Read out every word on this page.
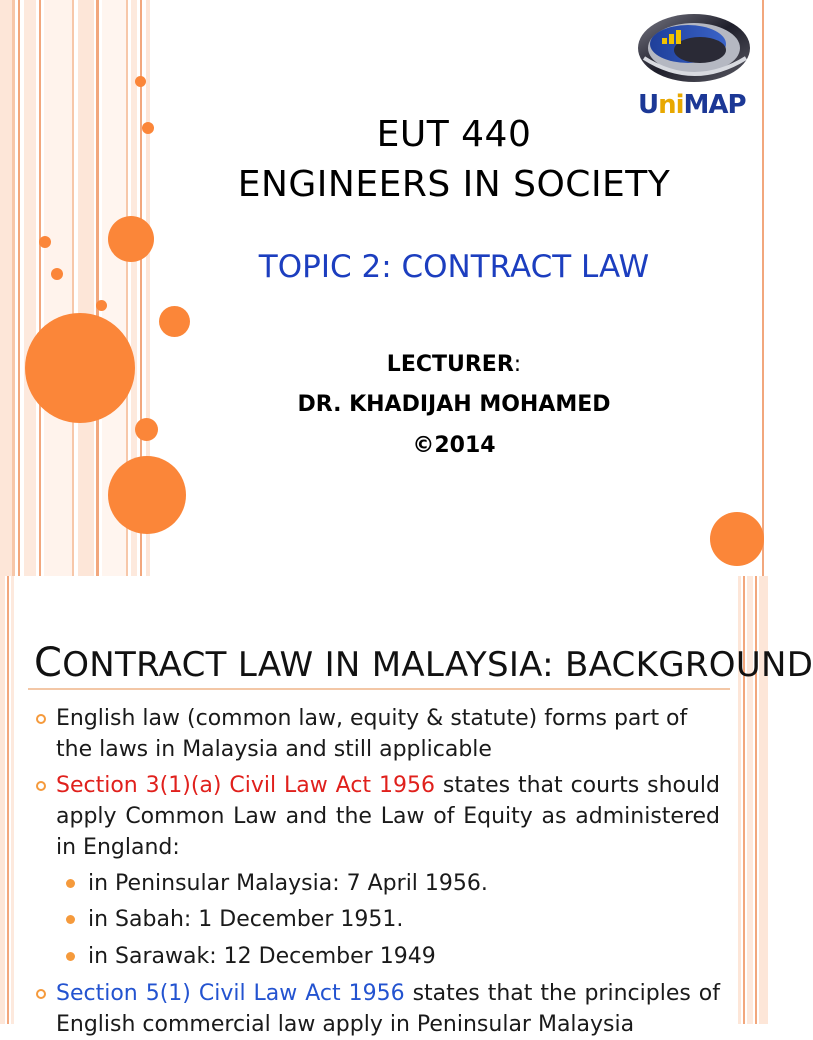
UniMAP
EUT 440
ENGINEERS IN SOCIETY
TOPIC 2: CONTRACT LAW
LECTURER:
DR. KHADIJAH MOHAMED
©2014
CONTRACT LAW IN MALAYSIA: BACKGROUND
English law (common law, equity & statute) forms part of the laws in Malaysia and still applicable
Section 3(1)(a) Civil Law Act 1956 states that courts should apply Common Law and the Law of Equity as administered in England:
in Peninsular Malaysia: 7 April 1956.
in Sabah: 1 December 1951.
in Sarawak: 12 December 1949
Section 5(1) Civil Law Act 1956 states that the principles of English commercial law apply in Peninsular Malaysia
